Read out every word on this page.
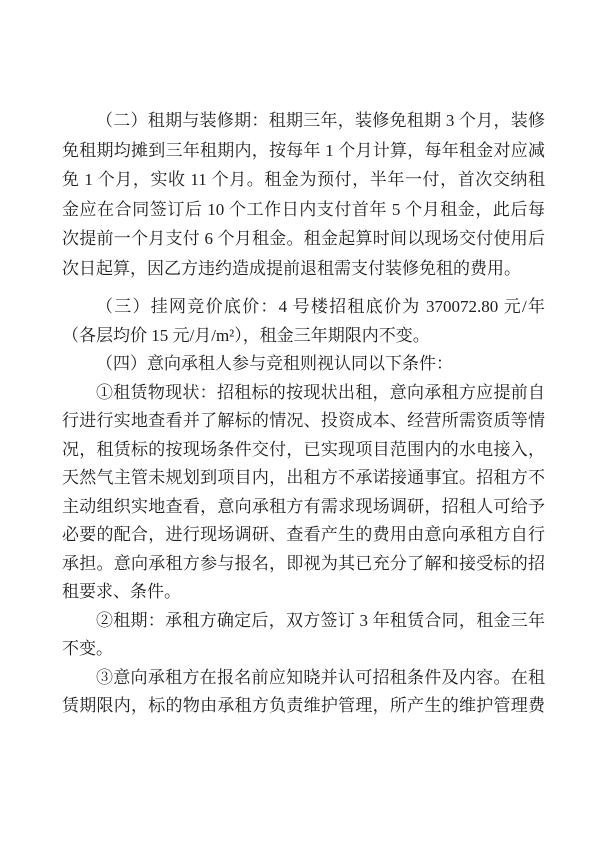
（二）租期与装修期：租期三年，装修免租期 3 个月，装修
免租期均摊到三年租期内，按每年 1 个月计算，每年租金对应减
免 1 个月，实收 11 个月。租金为预付，半年一付，首次交纳租
金应在合同签订后 10 个工作日内支付首年 5 个月租金，此后每
次提前一个月支付 6 个月租金。租金起算时间以现场交付使用后
次日起算，因乙方违约造成提前退租需支付装修免租的费用。
（三）挂网竞价底价：4 号楼招租底价为 370072.80 元/年
（各层均价 15 元/月/m²），租金三年期限内不变。
（四）意向承租人参与竞租则视认同以下条件：
①租赁物现状：招租标的按现状出租，意向承租方应提前自
行进行实地查看并了解标的情况、投资成本、经营所需资质等情
况，租赁标的按现场条件交付，已实现项目范围内的水电接入，
天然气主管未规划到项目内，出租方不承诺接通事宜。招租方不
主动组织实地查看，意向承租方有需求现场调研，招租人可给予
必要的配合，进行现场调研、查看产生的费用由意向承租方自行
承担。意向承租方参与报名，即视为其已充分了解和接受标的招
租要求、条件。
②租期：承租方确定后，双方签订 3 年租赁合同，租金三年
不变。
③意向承租方在报名前应知晓并认可招租条件及内容。在租
赁期限内，标的物由承租方负责维护管理，所产生的维护管理费
